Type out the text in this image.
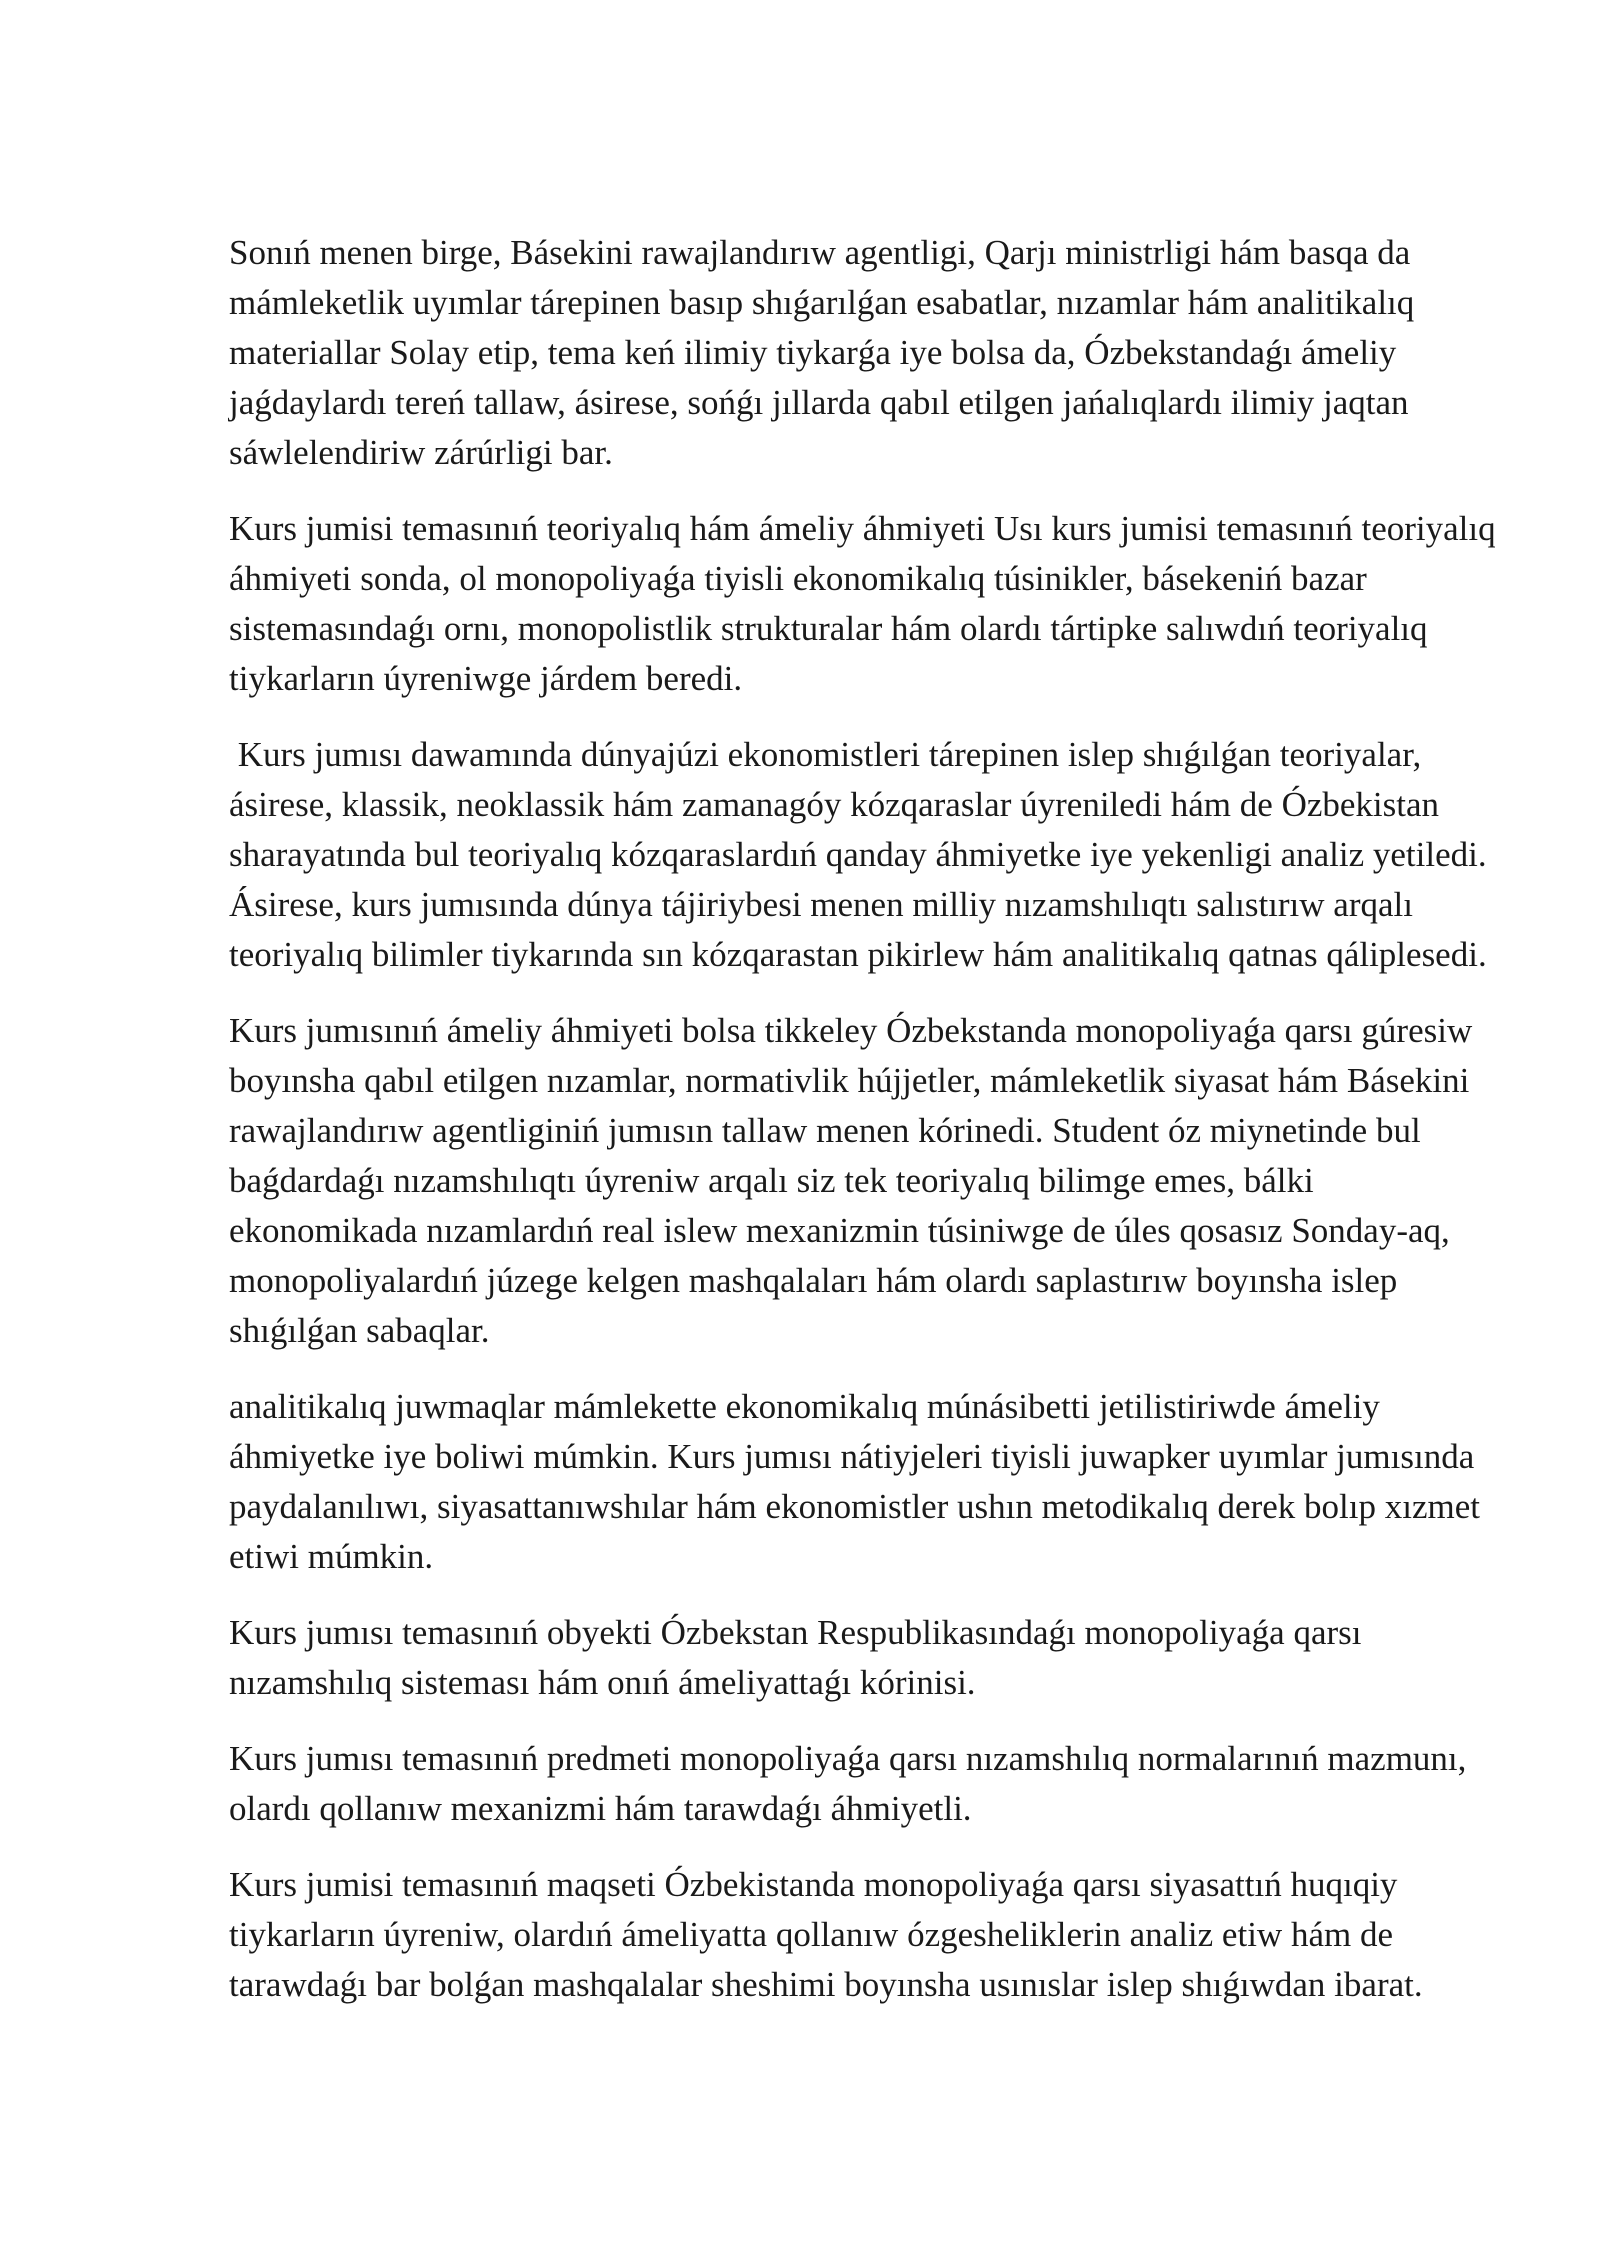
Sonıń menen birge, Básekini rawajlandırıw agentligi, Qarjı ministrligi hám basqa da mámleketlik uyımlar tárepinen basıp shıǵarılǵan esabatlar, nızamlar hám analitikalıq materiallar Solay etip, tema keń ilimiy tiykarǵa iye bolsa da, Ózbekstandaǵı ámeliy jaǵdaylardı tereń tallaw, ásirese, sońǵı jıllarda qabıl etilgen jańalıqlardı ilimiy jaqtan sáwlelendiriw zárúrligi bar.

Kurs jumisi temasınıń teoriyalıq hám ámeliy áhmiyeti Usı kurs jumisi temasınıń teoriyalıq áhmiyeti sonda, ol monopoliyaǵa tiyisli ekonomikalıq túsinikler, básekeniń bazar sistemasındaǵı ornı, monopolistlik strukturalar hám olardı tártipke salıwdıń teoriyalıq tiykarların úyreniwge járdem beredi.

Kurs jumısı dawamında dúnyajúzi ekonomistleri tárepinen islep shıǵılǵan teoriyalar, ásirese, klassik, neoklassik hám zamanagóy kózqaraslar úyreniledi hám de Ózbekistan sharayatında bul teoriyalıq kózqaraslardıń qanday áhmiyetke iye yekenligi analiz yetiledi. Ásirese, kurs jumısında dúnya tájiriybesi menen milliy nızamshılıqtı salıstırıw arqalı teoriyalıq bilimler tiykarında sın kózqarastan pikirlew hám analitikalıq qatnas qáliplesedi.

Kurs jumısınıń ámeliy áhmiyeti bolsa tikkeley Ózbekstanda monopoliyaǵa qarsı gúresiw boyınsha qabıl etilgen nızamlar, normativlik hújjetler, mámleketlik siyasat hám Básekini rawajlandırıw agentliginiń jumısın tallaw menen kórinedi. Student óz miynetinde bul baǵdardaǵı nızamshılıqtı úyreniw arqalı siz tek teoriyalıq bilimge emes, bálki ekonomikada nızamlardıń real islew mexanizmin túsiniwge de úles qosasız Sonday-aq, monopoliyalardıń júzege kelgen mashqalaları hám olardı saplastırıw boyınsha islep shıǵılǵan sabaqlar.

analitikalıq juwmaqlar mámlekette ekonomikalıq múnásibetti jetilistiriwde ámeliy áhmiyetke iye boliwi múmkin. Kurs jumısı nátiyjeleri tiyisli juwapker uyımlar jumısında paydalanılıwı, siyasattanıwshılar hám ekonomistler ushın metodikalıq derek bolıp xızmet etiwi múmkin.

Kurs jumısı temasınıń obyekti Ózbekstan Respublikasındaǵı monopoliyaǵa qarsı nızamshılıq sisteması hám onıń ámeliyattaǵı kórinisi.

Kurs jumısı temasınıń predmeti monopoliyaǵa qarsı nızamshılıq normalarınıń mazmunı, olardı qollanıw mexanizmi hám tarawdaǵı áhmiyetli.

Kurs jumisi temasınıń maqseti Ózbekistanda monopoliyaǵa qarsı siyasattıń huqıqiy tiykarların úyreniw, olardıń ámeliyatta qollanıw ózgesheliklerin analiz etiw hám de tarawdaǵı bar bolǵan mashqalalar sheshimi boyınsha usınıslar islep shıǵıwdan ibarat.
